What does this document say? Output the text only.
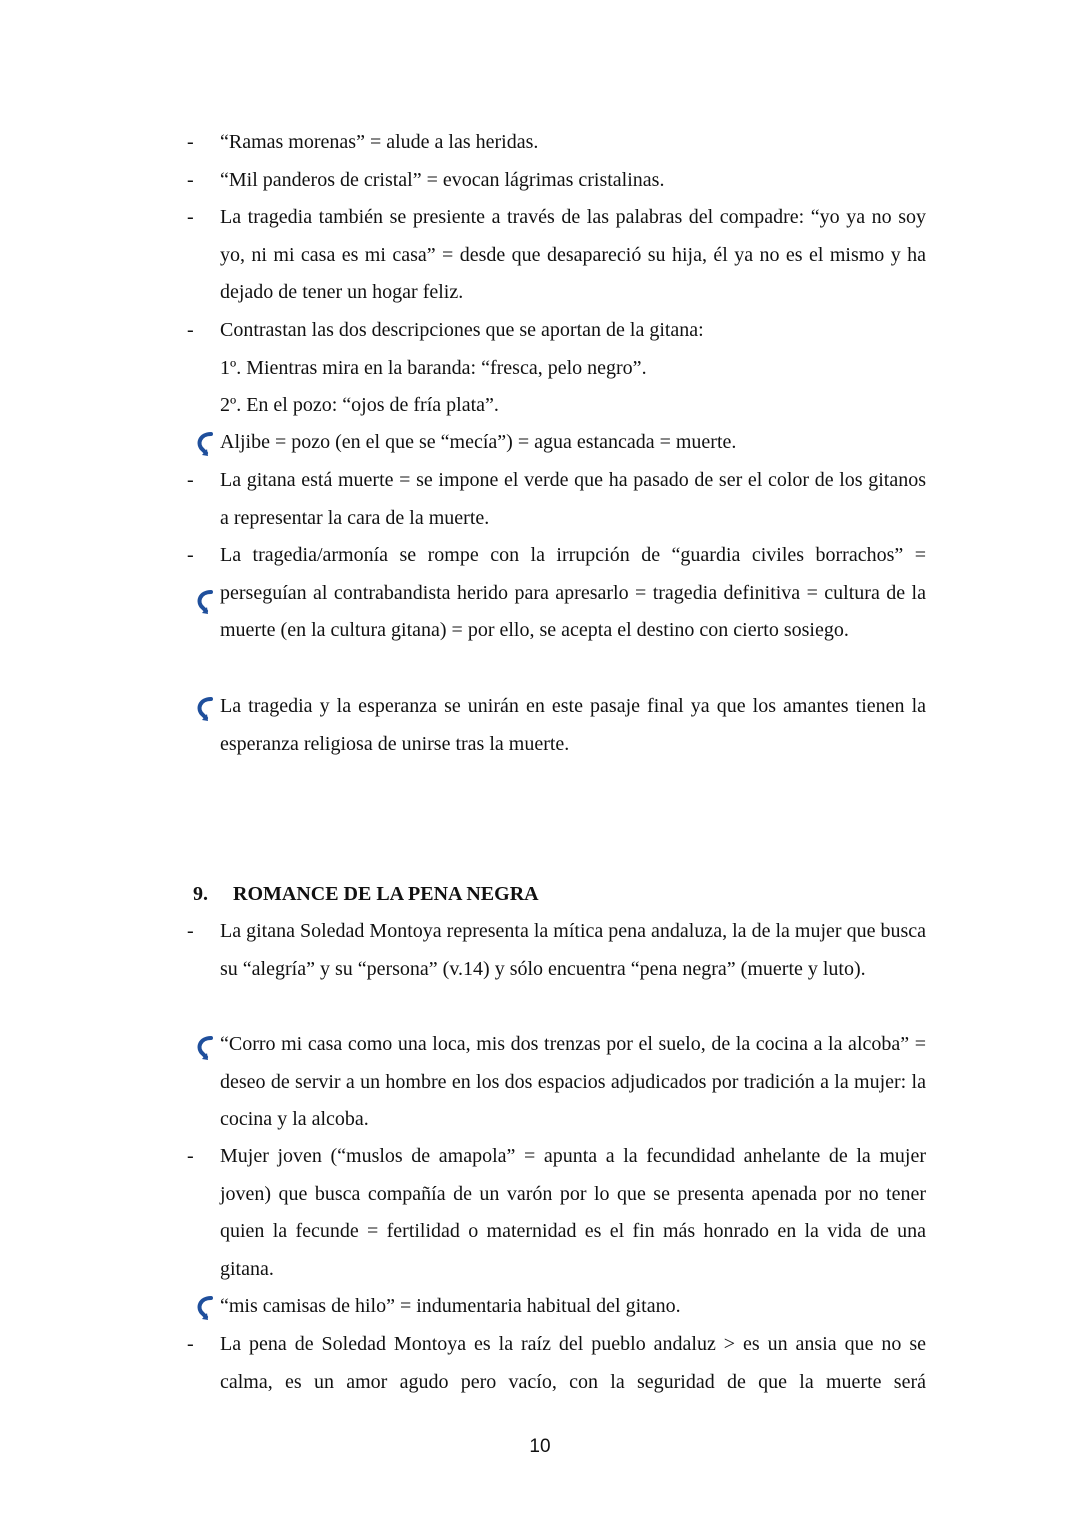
“Ramas morenas” = alude a las heridas.
-
“Mil panderos de cristal” = evocan lágrimas cristalinas.
-
La tragedia también se presiente a través de las palabras del compadre: “yo ya no soy yo, ni mi casa es mi casa” = desde que desapareció su hija, él ya no es el mismo y ha dejado de tener un hogar feliz.
-
Contrastan las dos descripciones que se aportan de la gitana:
-
1º. Mientras mira en la baranda: “fresca, pelo negro”.
2º. En el pozo: “ojos de fría plata”.
Aljibe = pozo (en el que se “mecía”) = agua estancada = muerte.
La gitana está muerte = se impone el verde que ha pasado de ser el color de los gitanos a representar la cara de la muerte.
-
La tragedia/armonía se rompe con la irrupción de “guardia civiles borrachos” = perseguían al contrabandista herido para apresarlo = tragedia definitiva = cultura de la muerte (en la cultura gitana) = por ello, se acepta el destino con cierto sosiego.
-
La tragedia y la esperanza se unirán en este pasaje final ya que los amantes tienen la esperanza religiosa de unirse tras la muerte.
9. ROMANCE DE LA PENA NEGRA
La gitana Soledad Montoya representa la mítica pena andaluza, la de la mujer que busca su “alegría” y su “persona” (v.14) y sólo encuentra “pena negra” (muerte y luto).
-
“Corro mi casa como una loca, mis dos trenzas por el suelo, de la cocina a la alcoba” = deseo de servir a un hombre en los dos espacios adjudicados por tradición a la mujer: la cocina y la alcoba.
Mujer joven (“muslos de amapola” = apunta a la fecundidad anhelante de la mujer joven) que busca compañía de un varón por lo que se presenta apenada por no tener quien la fecunde = fertilidad o maternidad es el fin más honrado en la vida de una gitana.
-
“mis camisas de hilo” = indumentaria habitual del gitano.
La pena de Soledad Montoya es la raíz del pueblo andaluz > es un ansia que no se calma, es un amor agudo pero vacío, con la seguridad de que la muerte será
-
10
